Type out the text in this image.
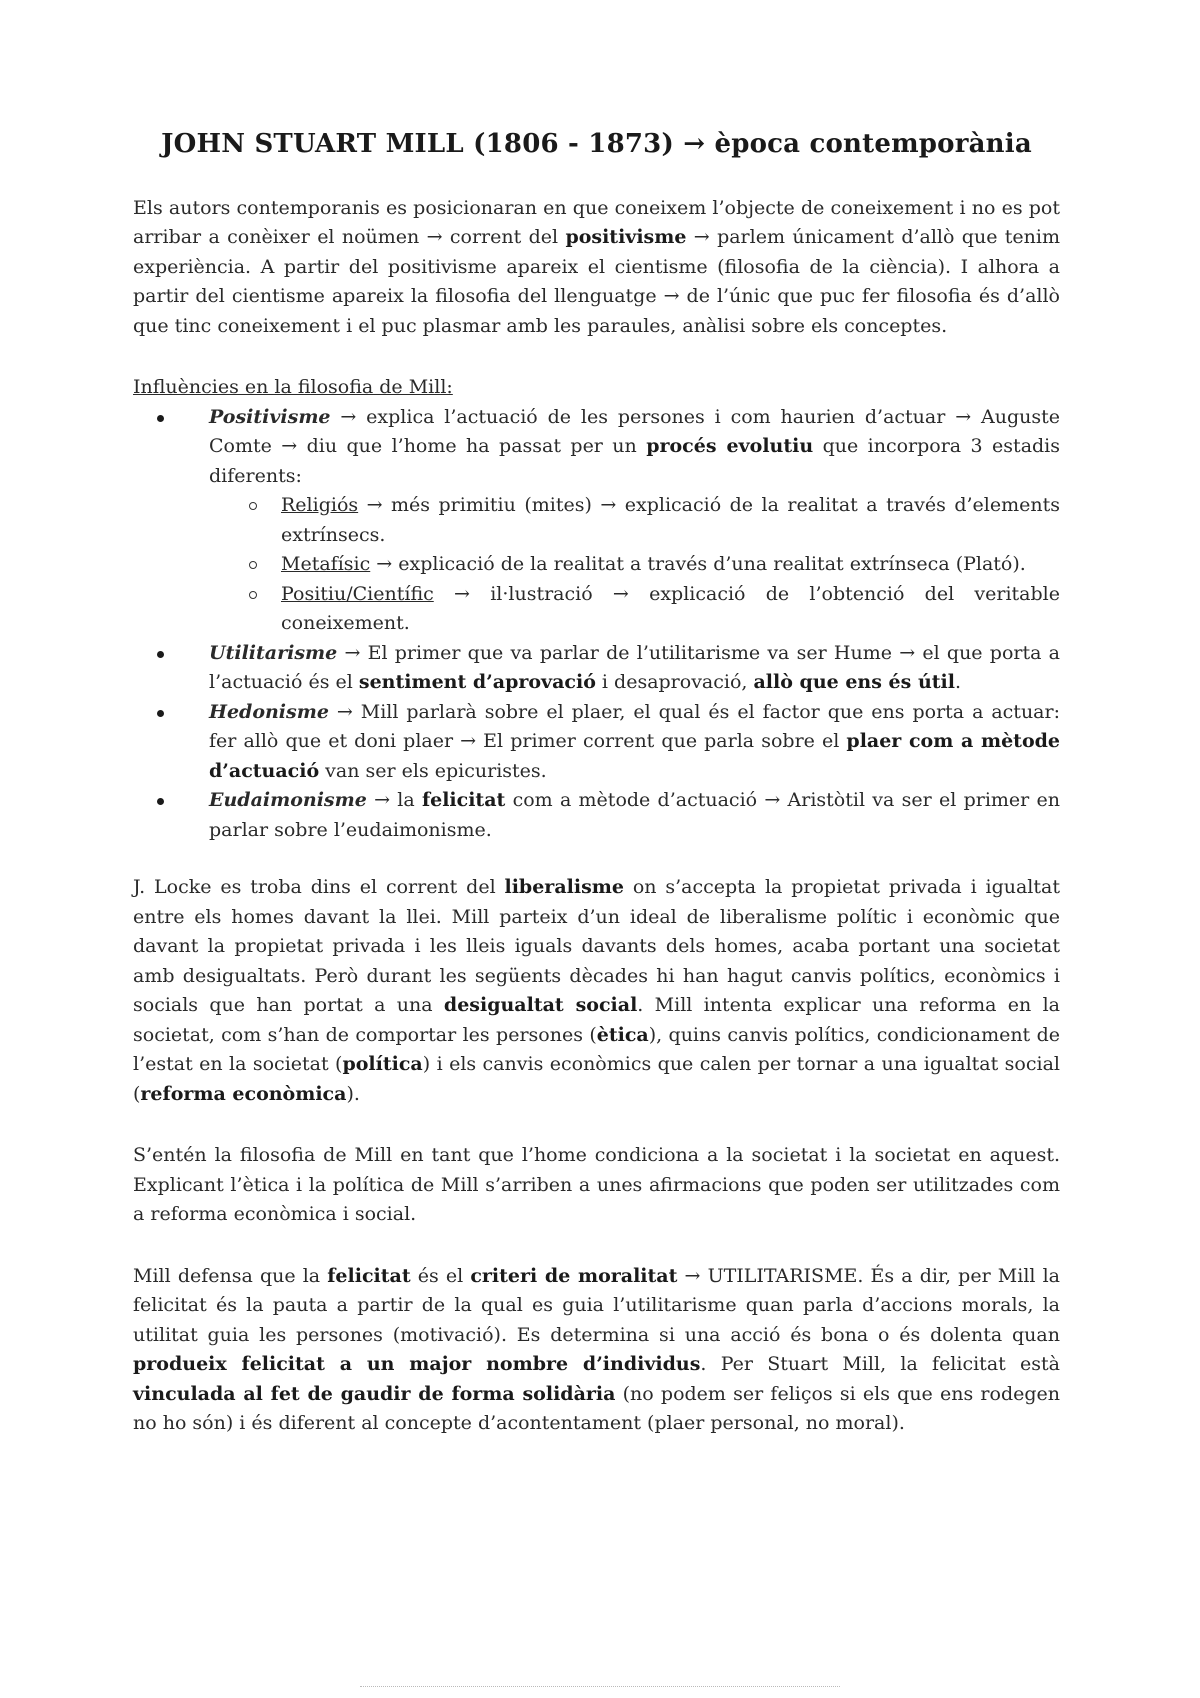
JOHN STUART MILL (1806 - 1873) → època contemporània

Els autors contemporanis es posicionaran en que coneixem l’objecte de coneixement i no es pot arribar a conèixer el noümen → corrent del positivisme → parlem únicament d’allò que tenim experiència. A partir del positivisme apareix el cientisme (filosofia de la ciència). I alhora a partir del cientisme apareix la filosofia del llenguatge → de l’únic que puc fer filosofia és d’allò que tinc coneixement i el puc plasmar amb les paraules, anàlisi sobre els conceptes.

Influències en la filosofia de Mill:

Positivisme → explica l’actuació de les persones i com haurien d’actuar → Auguste Comte → diu que l’home ha passat per un procés evolutiu que incorpora 3 estadis diferents:
Religiós → més primitiu (mites) → explicació de la realitat a través d’elements extrínsecs.
Metafísic → explicació de la realitat a través d’una realitat extrínseca (Plató).
Positiu/Científic → il·lustració → explicació de l’obtenció del veritable coneixement.
Utilitarisme → El primer que va parlar de l’utilitarisme va ser Hume → el que porta a l’actuació és el sentiment d’aprovació i desaprovació, allò que ens és útil.
Hedonisme → Mill parlarà sobre el plaer, el qual és el factor que ens porta a actuar: fer allò que et doni plaer → El primer corrent que parla sobre el plaer com a mètode d’actuació van ser els epicuristes.
Eudaimonisme → la felicitat com a mètode d’actuació → Aristòtil va ser el primer en parlar sobre l’eudaimonisme.

J. Locke es troba dins el corrent del liberalisme on s’accepta la propietat privada i igualtat entre els homes davant la llei. Mill parteix d’un ideal de liberalisme polític i econòmic que davant la propietat privada i les lleis iguals davants dels homes, acaba portant una societat amb desigualtats. Però durant les següents dècades hi han hagut canvis polítics, econòmics i socials que han portat a una desigualtat social. Mill intenta explicar una reforma en la societat, com s’han de comportar les persones (ètica), quins canvis polítics, condicionament de l’estat en la societat (política) i els canvis econòmics que calen per tornar a una igualtat social (reforma econòmica).

S’entén la filosofia de Mill en tant que l’home condiciona a la societat i la societat en aquest. Explicant l’ètica i la política de Mill s’arriben a unes afirmacions que poden ser utilitzades com a reforma econòmica i social.

Mill defensa que la felicitat és el criteri de moralitat → UTILITARISME. És a dir, per Mill la felicitat és la pauta a partir de la qual es guia l’utilitarisme quan parla d’accions morals, la utilitat guia les persones (motivació). Es determina si una acció és bona o és dolenta quan produeix felicitat a un major nombre d’individus. Per Stuart Mill, la felicitat està vinculada al fet de gaudir de forma solidària (no podem ser feliços si els que ens rodegen no ho són) i és diferent al concepte d’acontentament (plaer personal, no moral).
